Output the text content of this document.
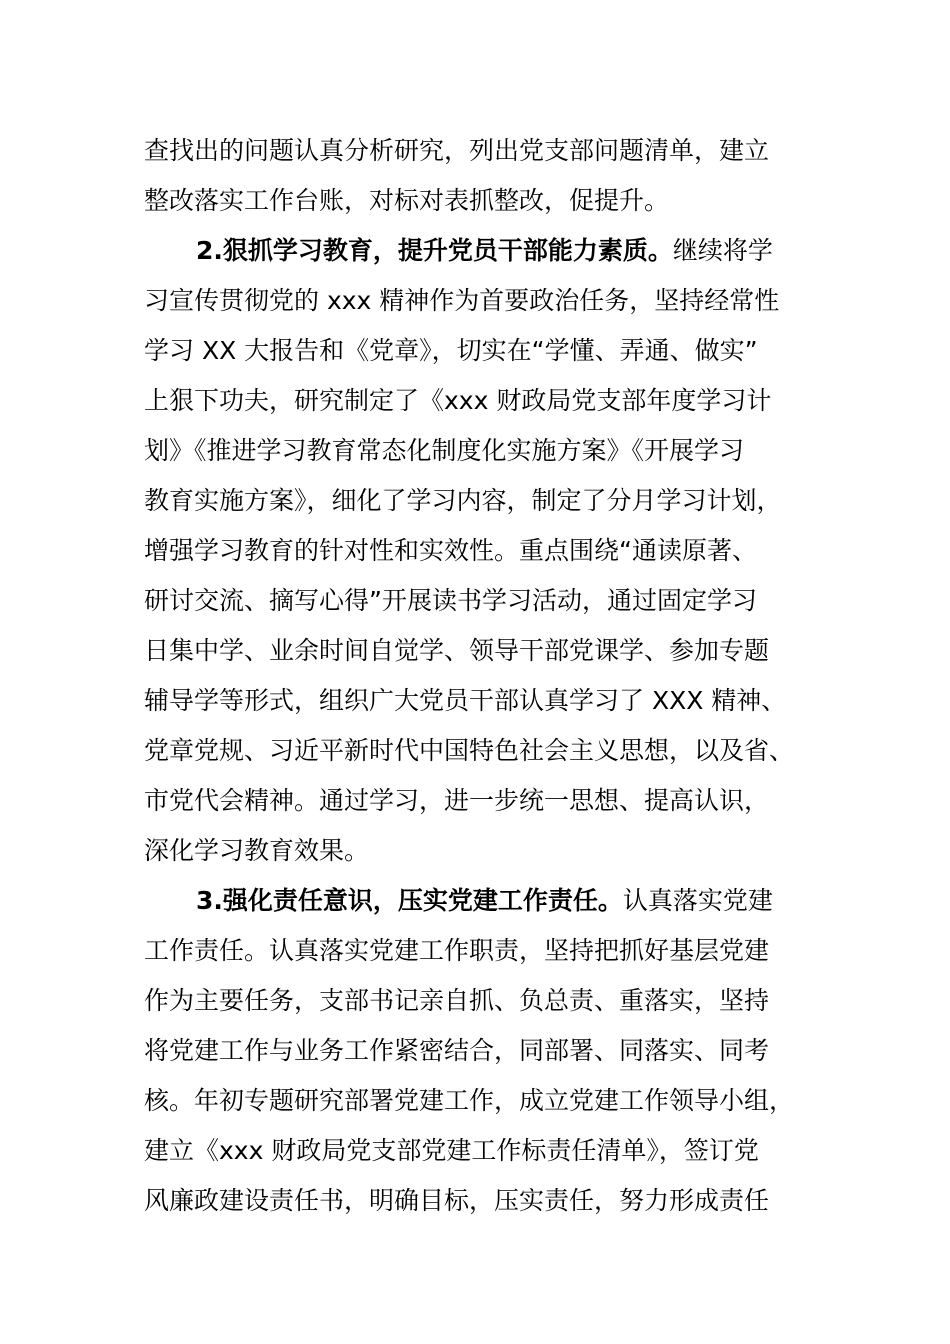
查找出的问题认真分析研究，列出党支部问题清单，建立
整改落实工作台账，对标对表抓整改，促提升。
2.狠抓学习教育，提升党员干部能力素质。继续将学
习宣传贯彻党的 xxx 精神作为首要政治任务，坚持经常性
学习 XX 大报告和《党章》，切实在“学懂、弄通、做实”
上狠下功夫，研究制定了《xxx 财政局党支部年度学习计
划》《推进学习教育常态化制度化实施方案》《开展学习
教育实施方案》，细化了学习内容，制定了分月学习计划，
增强学习教育的针对性和实效性。重点围绕“通读原著、
研讨交流、摘写心得”开展读书学习活动，通过固定学习
日集中学、业余时间自觉学、领导干部党课学、参加专题
辅导学等形式，组织广大党员干部认真学习了 XXX 精神、
党章党规、习近平新时代中国特色社会主义思想，以及省、
市党代会精神。通过学习，进一步统一思想、提高认识，
深化学习教育效果。
3.强化责任意识，压实党建工作责任。认真落实党建
工作责任。认真落实党建工作职责，坚持把抓好基层党建
作为主要任务，支部书记亲自抓、负总责、重落实，坚持
将党建工作与业务工作紧密结合，同部署、同落实、同考
核。年初专题研究部署党建工作，成立党建工作领导小组，
建立《xxx 财政局党支部党建工作标责任清单》，签订党
风廉政建设责任书，明确目标，压实责任，努力形成责任
